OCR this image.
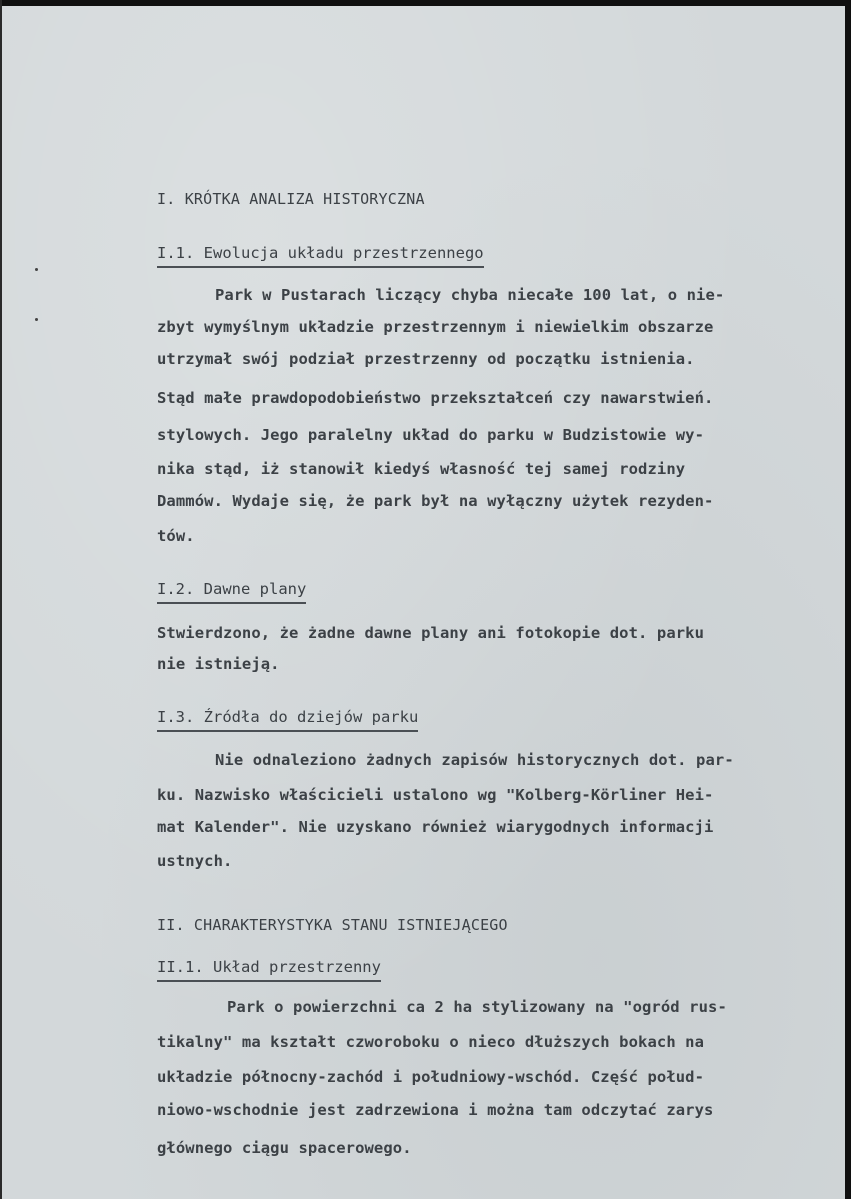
I. KRÓTKA ANALIZA HISTORYCZNA
I.1. Ewolucja układu przestrzennego
Park w Pustarach liczący chyba niecałe 100 lat, o nie-
zbyt wymyślnym układzie przestrzennym i niewielkim obszarze
utrzymał swój podział przestrzenny od początku istnienia.
Stąd małe prawdopodobieństwo przekształceń czy nawarstwień.
stylowych. Jego paralelny układ do parku w Budzistowie wy-
nika stąd, iż stanowił kiedyś własność tej samej rodziny
Dammów. Wydaje się, że park był na wyłączny użytek rezyden-
tów.
I.2. Dawne plany
Stwierdzono, że żadne dawne plany ani fotokopie dot. parku
nie istnieją.
I.3. Źródła do dziejów parku
Nie odnaleziono żadnych zapisów historycznych dot. par-
ku. Nazwisko właścicieli ustalono wg "Kolberg-Körliner Hei-
mat Kalender". Nie uzyskano również wiarygodnych informacji
ustnych.
II. CHARAKTERYSTYKA STANU ISTNIEJĄCEGO
II.1. Układ przestrzenny
Park o powierzchni ca 2 ha stylizowany na "ogród rus-
tikalny" ma kształt czworoboku o nieco dłuższych bokach na
układzie północny-zachód i południowy-wschód. Część połud-
niowo-wschodnie jest zadrzewiona i można tam odczytać zarys
głównego ciągu spacerowego.
